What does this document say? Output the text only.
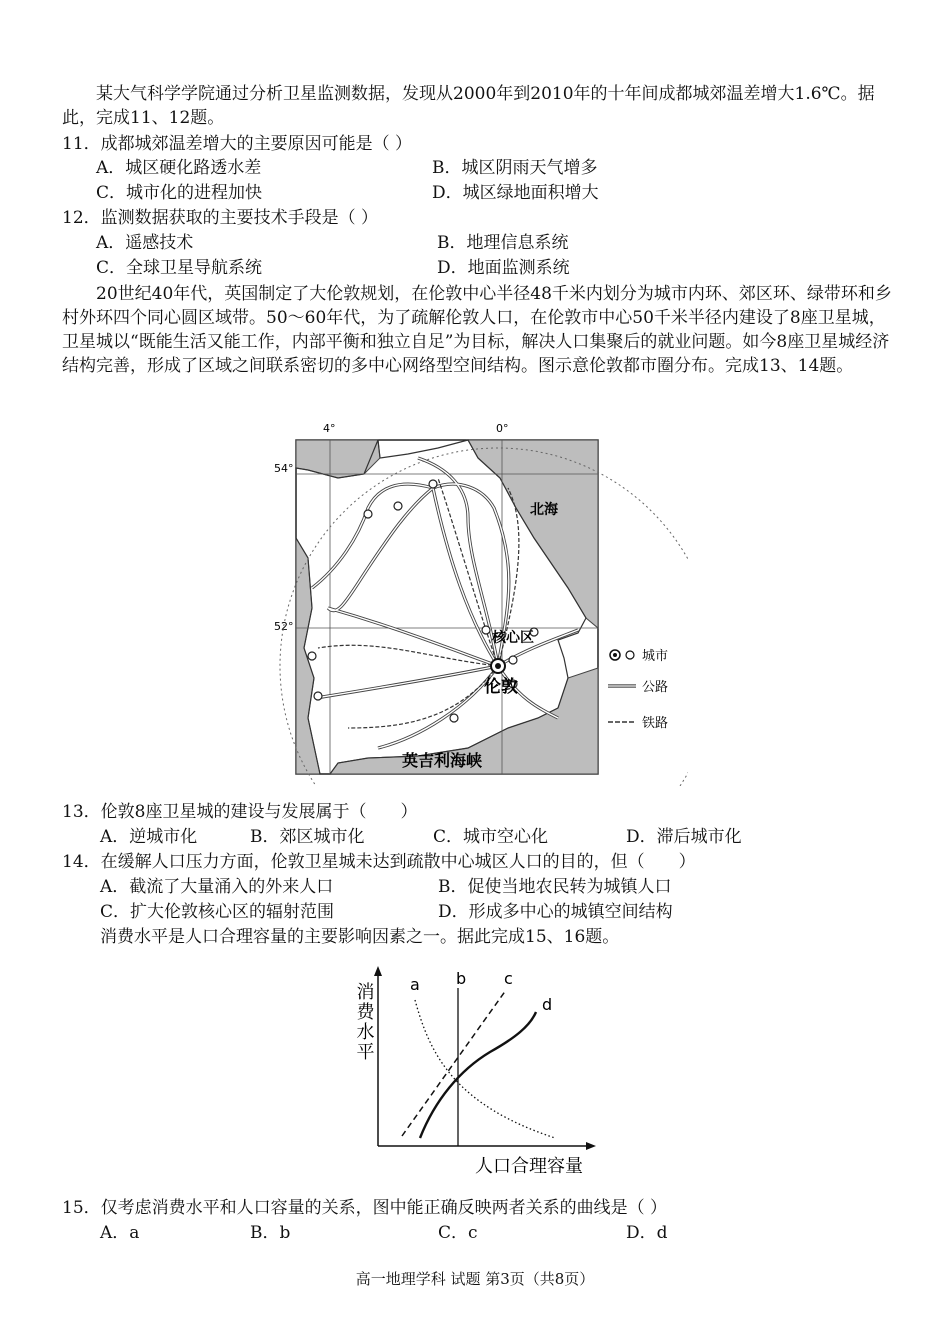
某大气科学学院通过分析卫星监测数据，发现从2000年到2010年的十年间成都城郊温差增大1.6℃。据此，完成11、12题。
11．成都城郊温差增大的主要原因可能是（ ）
A．城区硬化路透水差	B．城区阴雨天气增多
C．城市化的进程加快	D．城区绿地面积增大
12．监测数据获取的主要技术手段是（ ）
A．遥感技术	B．地理信息系统
C．全球卫星导航系统	D．地面监测系统
20世纪40年代，英国制定了大伦敦规划，在伦敦中心半径48千米内划分为城市内环、郊区环、绿带环和乡村外环四个同心圆区域带。50～60年代，为了疏解伦敦人口，在伦敦市中心50千米半径内建设了8座卫星城，卫星城以“既能生活又能工作，内部平衡和独立自足”为目标，解决人口集聚后的就业问题。如今8座卫星城经济结构完善，形成了区域之间联系密切的多中心网络型空间结构。图示意伦敦都市圈分布。完成13、14题。
4°	0°
54°
52°
北海
核心区
伦敦
英吉利海峡
城市
公路
铁路
13．伦敦8座卫星城的建设与发展属于（　　）
A．逆城市化	B．郊区城市化	C．城市空心化	D．滞后城市化
14．在缓解人口压力方面，伦敦卫星城未达到疏散中心城区人口的目的，但（　　）
A．截流了大量涌入的外来人口	B．促使当地农民转为城镇人口
C．扩大伦敦核心区的辐射范围	D．形成多中心的城镇空间结构
消费水平是人口合理容量的主要影响因素之一。据此完成15、16题。
消费水平 a b c
d
人口合理容量
15．仅考虑消费水平和人口容量的关系，图中能正确反映两者关系的曲线是（ ）
A．a	B．b	C．c	D．d
高一地理学科 试题 第3页（共8页）
